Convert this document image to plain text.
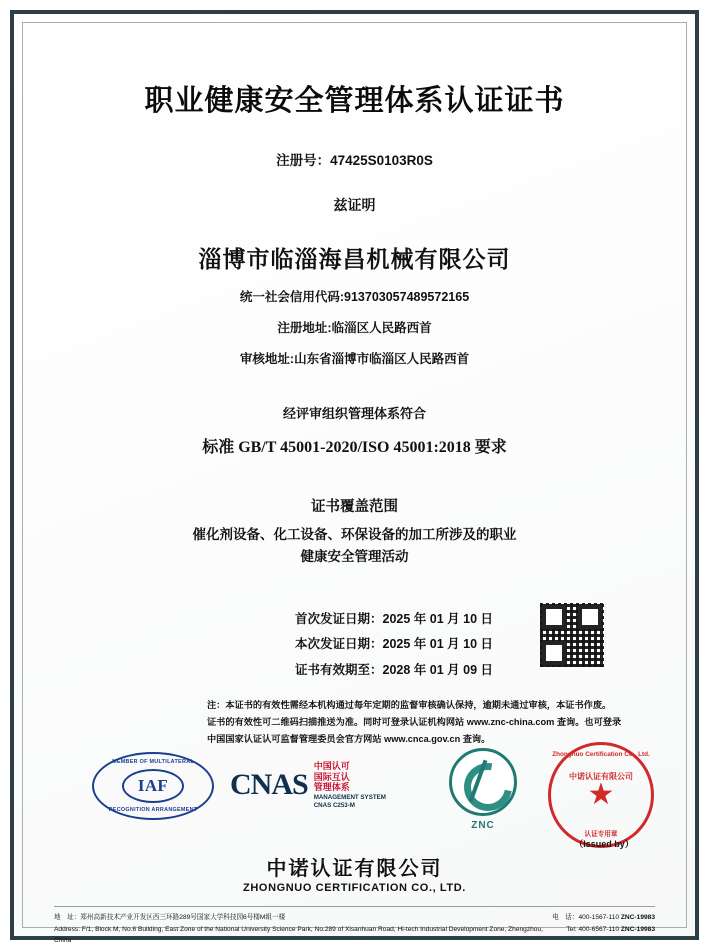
职业健康安全管理体系认证证书
注册号：47425S0103R0S
兹证明
淄博市临淄海昌机械有限公司
统一社会信用代码:913703057489572165
注册地址:临淄区人民路西首
审核地址:山东省淄博市临淄区人民路西首
经评审组织管理体系符合
标准 GB/T 45001-2020/ISO 45001:2018 要求
证书覆盖范围
催化剂设备、化工设备、环保设备的加工所涉及的职业
健康安全管理活动
首次发证日期：2025 年 01 月 10 日
本次发证日期：2025 年 01 月 10 日
证书有效期至：2028 年 01 月 09 日
注：本证书的有效性需经本机构通过每年定期的监督审核确认保持，逾期未通过审核，本证书作废。
证书的有效性可二维码扫描推送为准。同时可登录认证机构网站 www.znc-china.com 查询。也可登录
中国国家认证认可监督管理委员会官方网站 www.cnca.gov.cn 查询。
MEMBER OF MULTILATERAL
IAF
RECOGNITION ARRANGEMENT
CNAS
中国认可
国际互认
管理体系
MANAGEMENT SYSTEM
CNAS C253-M
ZNC
Zhongnuo Certification Co., Ltd.
中诺认证有限公司
★
认证专用章
（Issued by）
中诺认证有限公司
ZHONGNUO CERTIFICATION CO., LTD.
地　址：郑州高新技术产业开发区西三环路289号国家大学科技园6号楼M組一楼
Address: F/1, Block M, No.6 Building, East Zone of the National University Science Park, No.289 of Xisanhuan Road, Hi-tech Industrial Development Zone, Zhengzhou, China
电　话：400-1567-110 ZNC-19983
Tel: 400-6567-110 ZNC-19983
